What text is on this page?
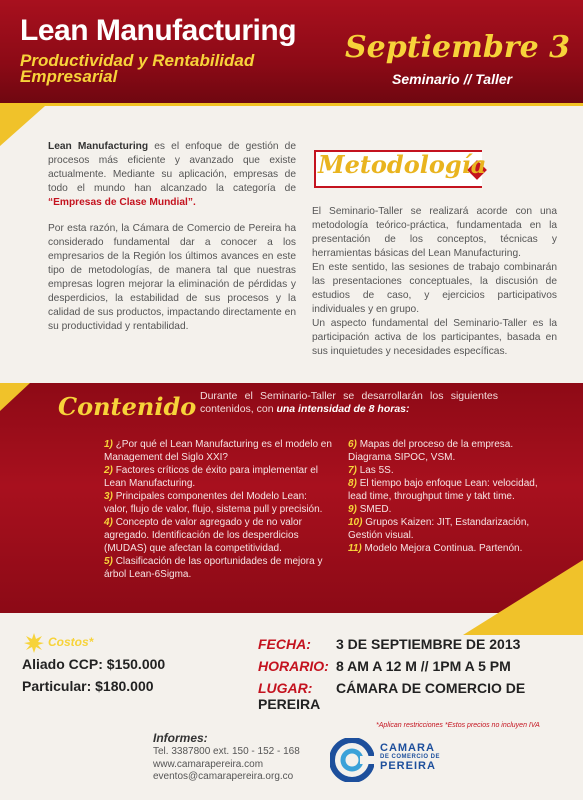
Lean Manufacturing
Productividad y Rentabilidad Empresarial
Septiembre 3
Seminario // Taller

Lean Manufacturing es el enfoque de gestión de procesos más eficiente y avanzado que existe actualmente. Mediante su aplicación, empresas de todo el mundo han alcanzado la categoría de “Empresas de Clase Mundial”.

Por esta razón, la Cámara de Comercio de Pereira ha considerado fundamental dar a conocer a los empresarios de la Región los últimos avances en este tipo de metodologías, de manera tal que nuestras empresas logren mejorar la eliminación de pérdidas y desperdicios, la estabilidad de sus procesos y la calidad de sus productos, impactando directamente en su productividad y rentabilidad.

Metodología
El Seminario-Taller se realizará acorde con una metodología teórico-práctica, fundamentada en la presentación de los conceptos, técnicas y herramientas básicas del Lean Manufacturing.
En este sentido, las sesiones de trabajo combinarán las presentaciones conceptuales, la discusión de estudios de caso, y ejercicios participativos individuales y en grupo.
Un aspecto fundamental del Seminario-Taller es la participación activa de los participantes, basada en sus inquietudes y necesidades específicas.
Contenido Durante el Seminario-Taller se desarrollarán los siguientes contenidos, con una intensidad de 8 horas:
1) ¿Por qué el Lean Manufacturing es el modelo en Management del Siglo XXI?
2) Factores críticos de éxito para implementar el Lean Manufacturing.
3) Principales componentes del Modelo Lean: valor, flujo de valor, flujo, sistema pull y precisión.
4) Concepto de valor agregado y de no valor agregado. Identificación de los desperdicios (MUDAS) que afectan la competitividad.
5) Clasificación de las oportunidades de mejora y árbol Lean-6Sigma.
6) Mapas del proceso de la empresa. Diagrama SIPOC, VSM.
7) Las 5S.
8) El tiempo bajo enfoque Lean: velocidad, lead time, throughput time y takt time.
9) SMED.
10) Grupos Kaizen: JIT, Estandarización, Gestión visual.
11) Modelo Mejora Continua. Partenón.
Costos*
Aliado CCP: $150.000
Particular: $180.000
FECHA: 3 DE SEPTIEMBRE DE 2013
HORARIO: 8 AM A 12 M // 1PM A 5 PM
LUGAR: CÁMARA DE COMERCIO DE PEREIRA
*Aplican restricciones *Estos precios no incluyen IVA
Informes:
Tel. 3387800 ext. 150 - 152 - 168
www.camarapereira.com
eventos@camarapereira.org.co
CAMARA
DE COMERCIO DE
PEREIRA
